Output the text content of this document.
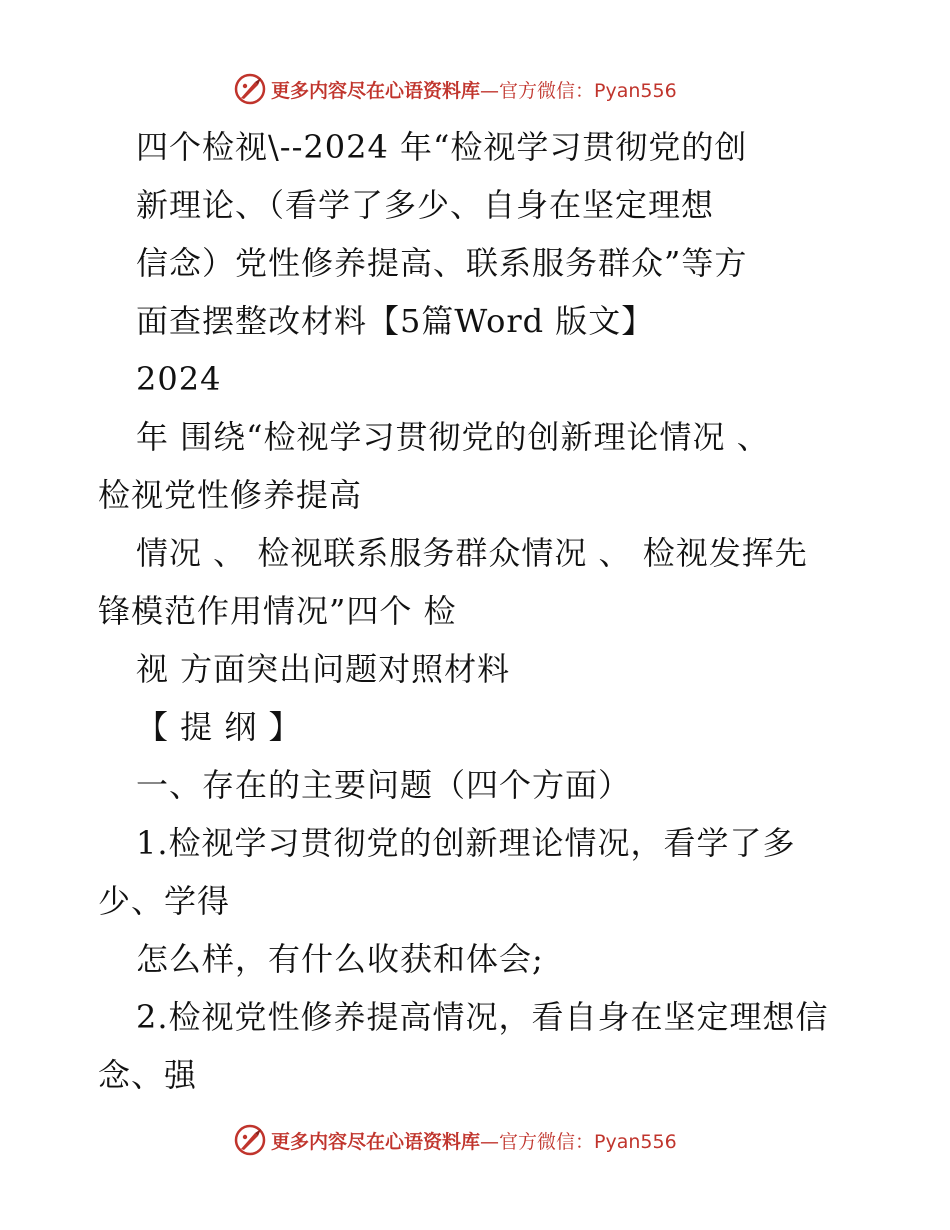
更多内容尽在心语资料库—官方微信：Pyan556
四个检视\--2024 年“检视学习贯彻党的创
新理论、（看学了多少、自身在坚定理想
信念）党性修养提高、联系服务群众”等方
面查摆整改材料【5篇Word 版文】
2024
年 围绕“检视学习贯彻党的创新理论情况 、
检视党性修养提高
情况 、 检视联系服务群众情况 、 检视发挥先
锋模范作用情况”四个 检
视 方面突出问题对照材料
【 提 纲 】
一、存在的主要问题（四个方面）
1.检视学习贯彻党的创新理论情况，看学了多
少、学得
怎么样，有什么收获和体会;
2.检视党性修养提高情况，看自身在坚定理想信
念、强
更多内容尽在心语资料库—官方微信：Pyan556
